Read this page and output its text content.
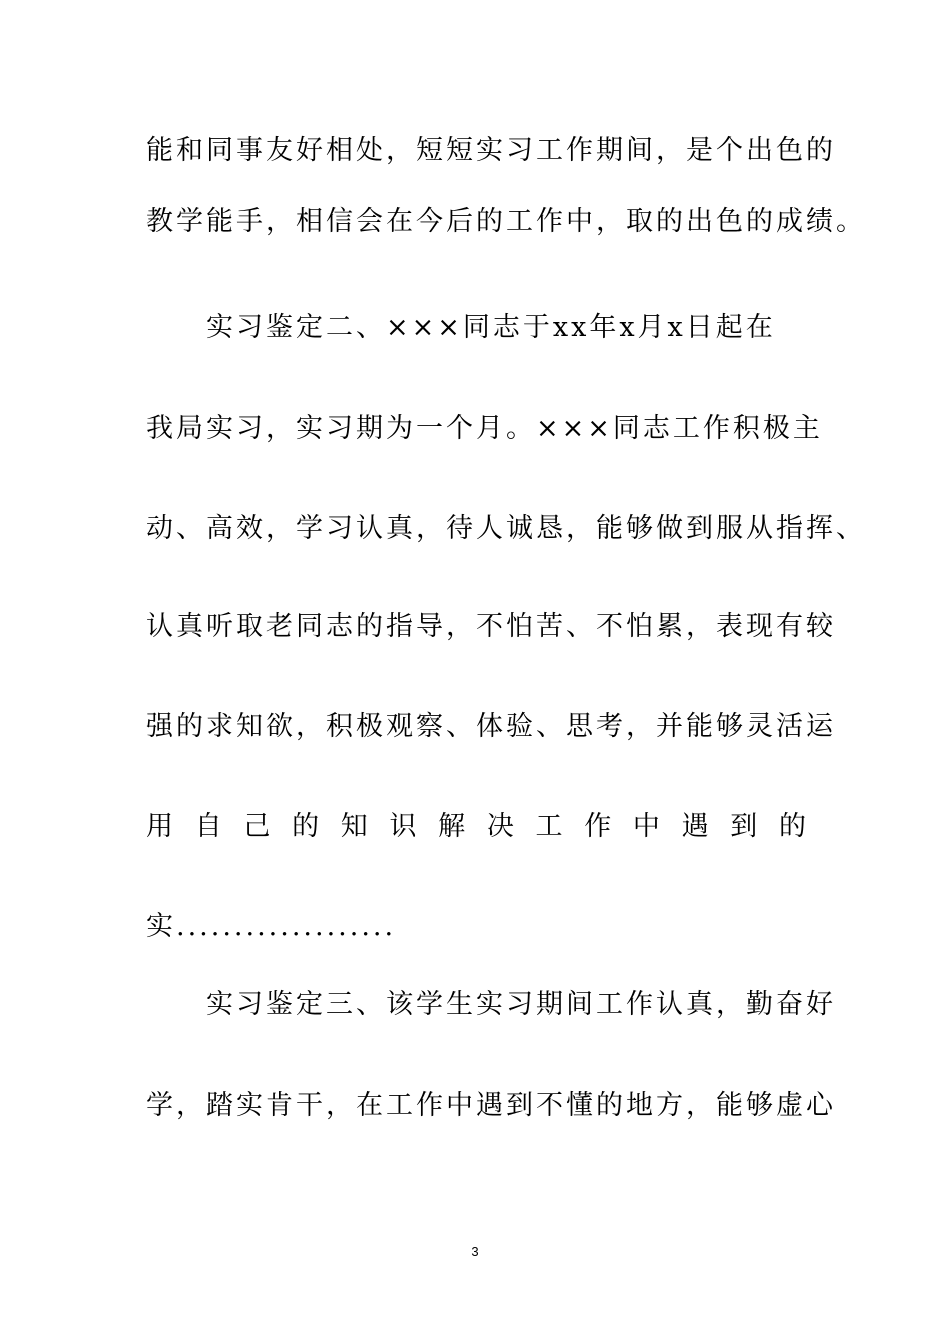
能和同事友好相处，短短实习工作期间，是个出色的
教学能手，相信会在今后的工作中，取的出色的成绩。
实习鉴定二、×××同志于xx年x月x日起在
我局实习，实习期为一个月。×××同志工作积极主
动、高效，学习认真，待人诚恳，能够做到服从指挥、
认真听取老同志的指导，不怕苦、不怕累，表现有较
强的求知欲，积极观察、体验、思考，并能够灵活运
用 自 己 的 知 识 解 决 工 作 中 遇 到 的
实...................
实习鉴定三、该学生实习期间工作认真，勤奋好
学，踏实肯干，在工作中遇到不懂的地方，能够虚心
3
